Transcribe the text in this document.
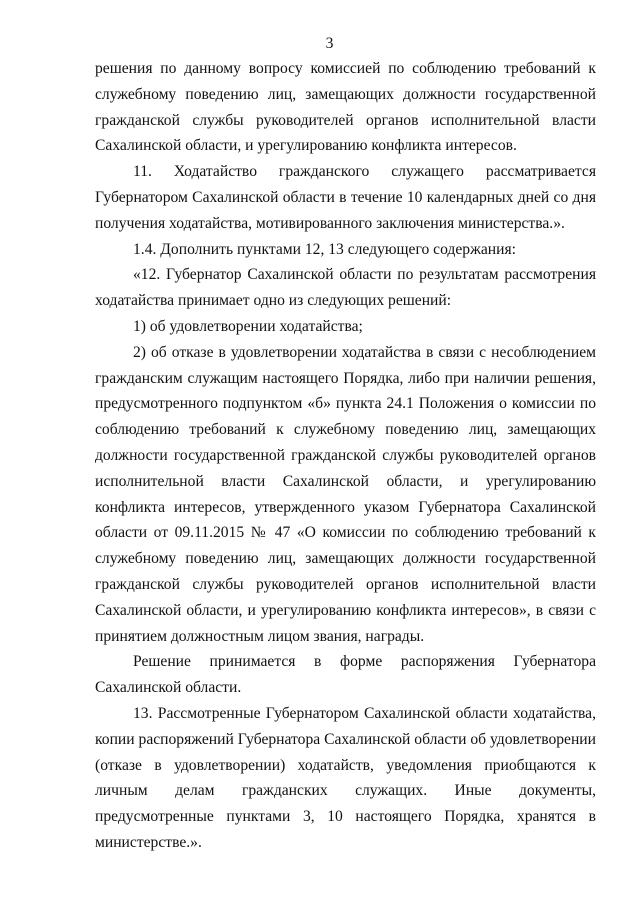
3

решения по данному вопросу комиссией по соблюдению требований к служебному поведению лиц, замещающих должности государственной гражданской службы руководителей органов исполнительной власти Сахалинской области, и урегулированию конфликта интересов.

11. Ходатайство гражданского служащего рассматривается Губернатором Сахалинской области в течение 10 календарных дней со дня получения ходатайства, мотивированного заключения министерства.».

1.4. Дополнить пунктами 12, 13 следующего содержания:

«12. Губернатор Сахалинской области по результатам рассмотрения ходатайства принимает одно из следующих решений:

1) об удовлетворении ходатайства;

2) об отказе в удовлетворении ходатайства в связи с несоблюдением гражданским служащим настоящего Порядка, либо при наличии решения, предусмотренного подпунктом «б» пункта 24.1 Положения о комиссии по соблюдению требований к служебному поведению лиц, замещающих должности государственной гражданской службы руководителей органов исполнительной власти Сахалинской области, и урегулированию конфликта интересов, утвержденного указом Губернатора Сахалинской области от 09.11.2015 № 47 «О комиссии по соблюдению требований к служебному поведению лиц, замещающих должности государственной гражданской службы руководителей органов исполнительной власти Сахалинской области, и урегулированию конфликта интересов», в связи с принятием должностным лицом звания, награды.

Решение принимается в форме распоряжения Губернатора Сахалинской области.

13. Рассмотренные Губернатором Сахалинской области ходатайства, копии распоряжений Губернатора Сахалинской области об удовлетворении (отказе в удовлетворении) ходатайств, уведомления приобщаются к личным делам гражданских служащих. Иные документы, предусмотренные пунктами 3, 10 настоящего Порядка, хранятся в министерстве.».
